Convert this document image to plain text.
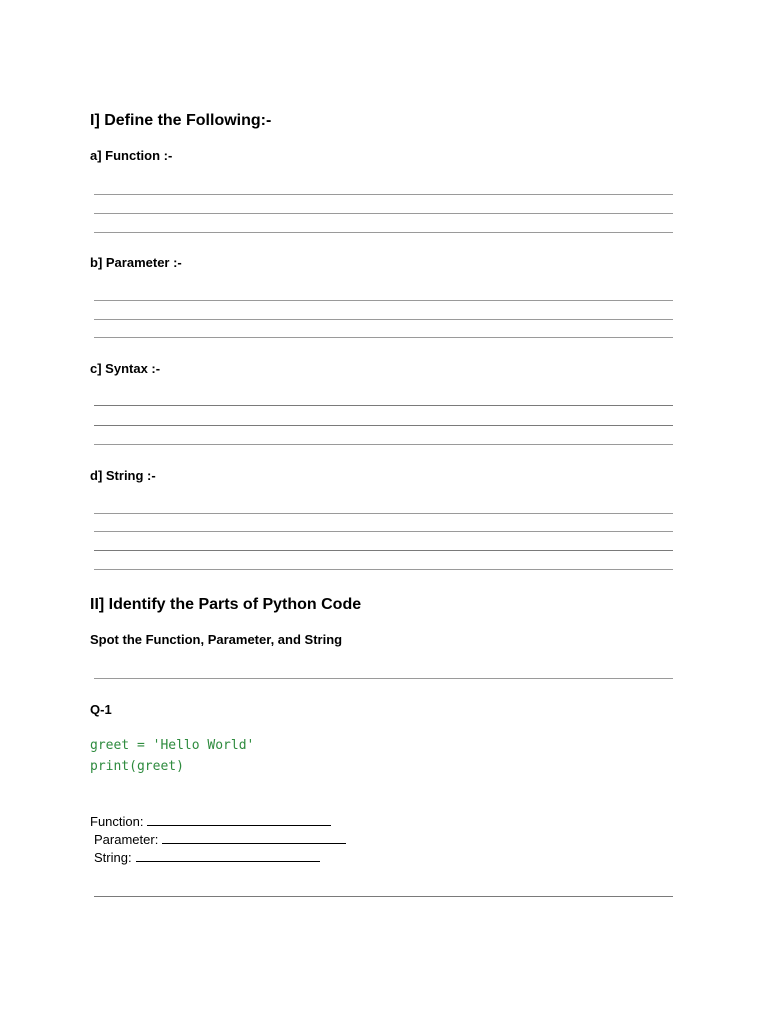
I] Define the Following:-
a] Function :-
b] Parameter :-
c] Syntax :-
d] String :-
II] Identify the Parts of Python Code
Spot the Function, Parameter, and String
Q-1
greet = 'Hello World'
print(greet)
Function:
Parameter:
String:
